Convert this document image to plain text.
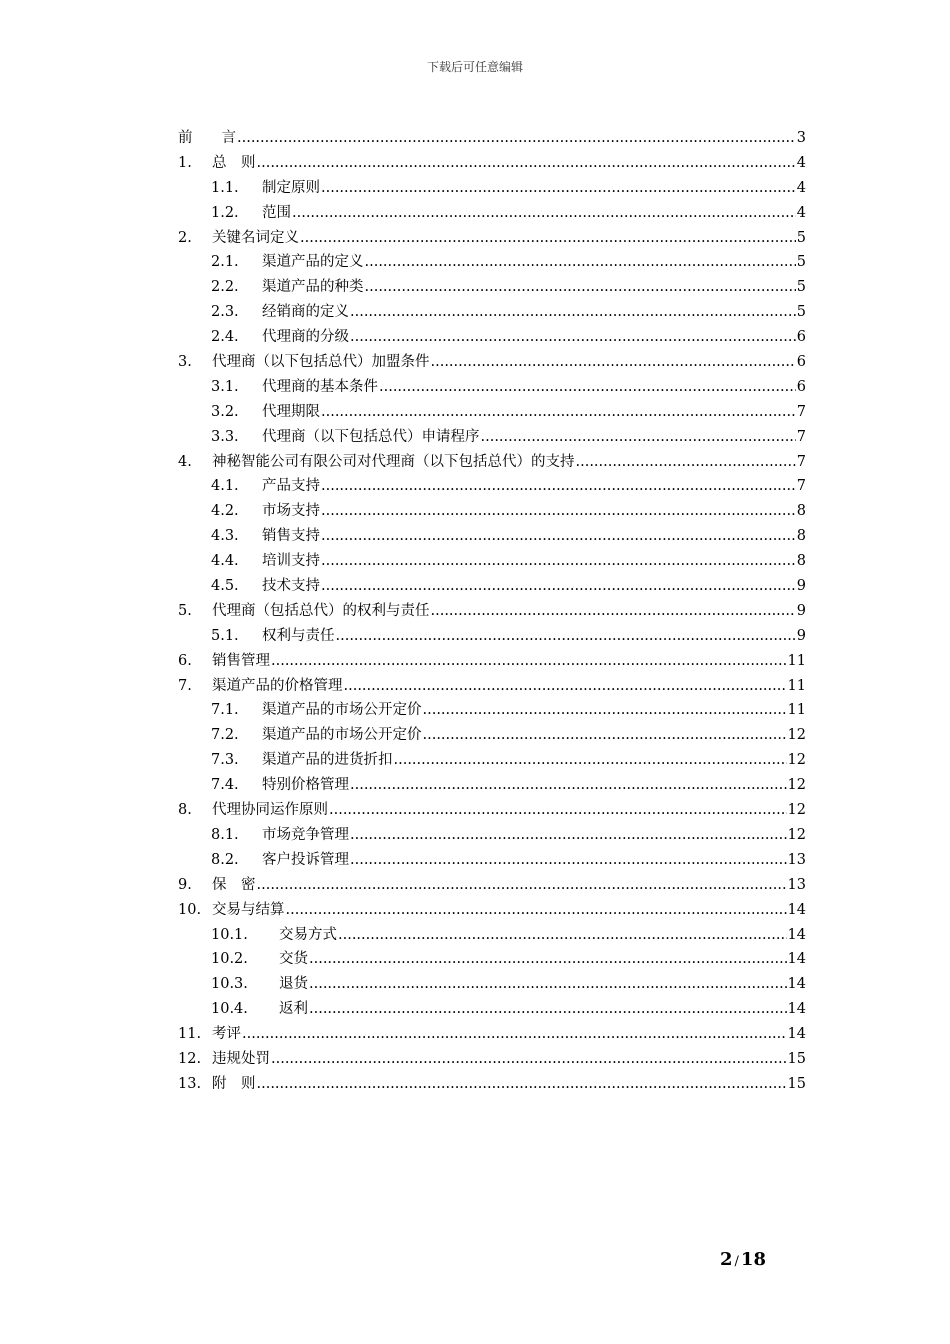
下载后可任意编辑
前　　言 .....	3
1.	总　则 .....	4
1.1.	制定原则 .....	4
1.2.	范围 .....	4
2.	关键名词定义 .....	5
2.1.	渠道产品的定义 .....	5
2.2.	渠道产品的种类 .....	5
2.3.	经销商的定义 .....	5
2.4.	代理商的分级 .....	6
3.	代理商（以下包括总代）加盟条件 .....	6
3.1.	代理商的基本条件 .....	6
3.2.	代理期限 .....	7
3.3.	代理商（以下包括总代）申请程序 .....	7
4.	神秘智能公司有限公司对代理商（以下包括总代）的支持 .....	7
4.1.	产品支持 .....	7
4.2.	市场支持 .....	8
4.3.	销售支持 .....	8
4.4.	培训支持 .....	8
4.5.	技术支持 .....	9
5.	代理商（包括总代）的权利与责任 .....	9
5.1.	权利与责任 .....	9
6.	销售管理 .....	11
7.	渠道产品的价格管理 .....	11
7.1.	渠道产品的市场公开定价 .....	11
7.2.	渠道产品的市场公开定价 .....	12
7.3.	渠道产品的进货折扣 .....	12
7.4.	特别价格管理 .....	12
8.	代理协同运作原则 .....	12
8.1.	市场竞争管理 .....	12
8.2.	客户投诉管理 .....	13
9.	保　密 .....	13
10. 交易与结算 .....	14
10.1.	交易方式 .....	14
10.2.	交货 .....	14
10.3.	退货 .....	14
10.4.	返利 .....	14
11. 考评 .....	14
12. 违规处罚 .....	15
13. 附　则 .....	15
2 / 18
